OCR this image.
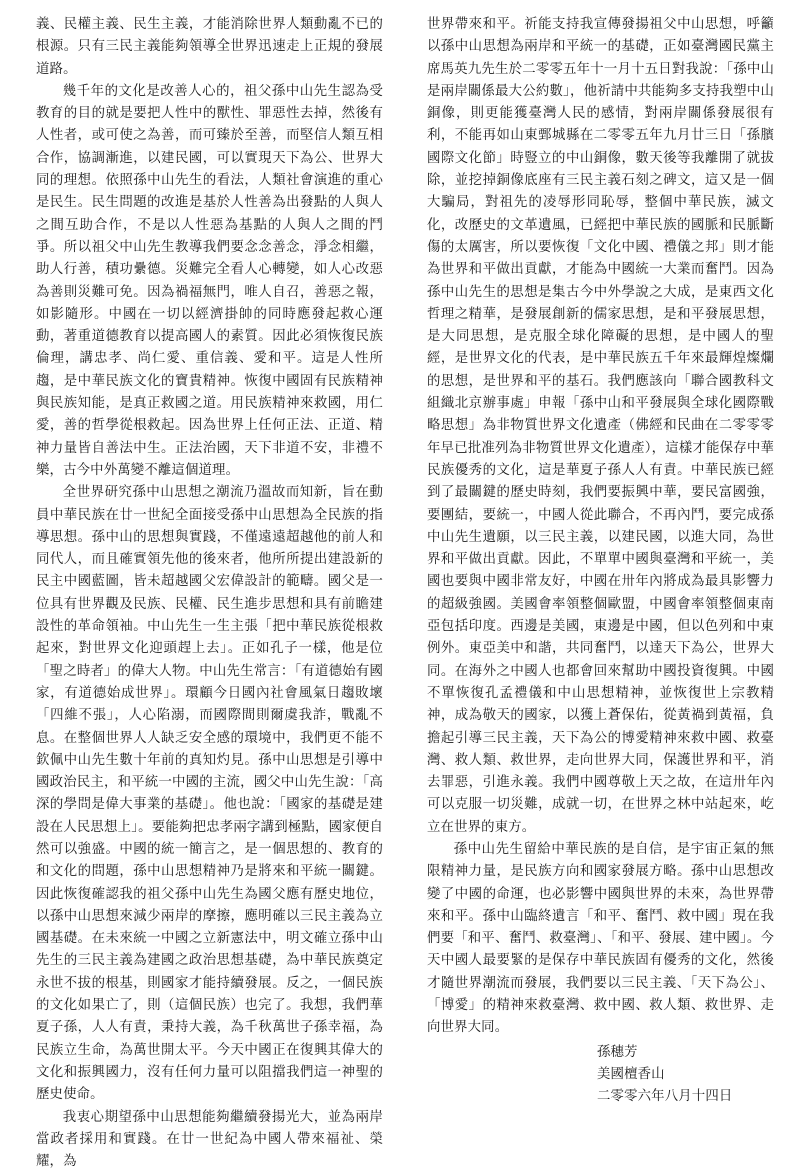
義、民權主義、民生主義，才能消除世界人類動亂不已的根源。只有三民主義能夠領導全世界迅速走上正規的發展道路。

幾千年的文化是改善人心的，祖父孫中山先生認為受教育的目的就是要把人性中的獸性、罪惡性去掉，然後有人性者，或可使之為善，而可臻於至善，而堅信人類互相合作，協調漸進，以建民國，可以實現天下為公、世界大同的理想。依照孫中山先生的看法，人類社會演進的重心是民生。民生問題的改進是基於人性善為出發點的人與人之間互助合作，不是以人性惡為基點的人與人之間的鬥爭。所以祖父中山先生教導我們要念念善念，淨念相繼，助人行善，積功纍德。災難完全看人心轉變，如人心改惡為善則災難可免。因為禍福無門，唯人自召，善惡之報，如影隨形。中國在一切以經濟掛帥的同時應發起救心運動，著重道德教育以提高國人的素質。因此必須恢復民族倫理，講忠孝、尚仁愛、重信義、愛和平。這是人性所趨，是中華民族文化的寶貴精神。恢復中國固有民族精神與民族知能，是真正救國之道。用民族精神來救國，用仁愛，善的哲學從根救起。因為世界上任何正法、正道、精神力量皆自善法中生。正法治國，天下非道不安，非禮不樂，古今中外萬變不離這個道理。

全世界研究孫中山思想之潮流乃溫故而知新，旨在動員中華民族在廿一世紀全面接受孫中山思想為全民族的指導思想。孫中山的思想與實踐，不僅遠遠超越他的前人和同代人，而且確實領先他的後來者，他所所提出建設新的民主中國藍圖，皆未超越國父宏偉設計的範疇。國父是一位具有世界觀及民族、民權、民生進步思想和具有前瞻建設性的革命領袖。中山先生一生主張「把中華民族從根救起來，對世界文化迎頭趕上去」。正如孔子一樣，他是位「聖之時者」的偉大人物。中山先生常言：「有道德始有國家，有道德始成世界」。環顧今日國內社會風氣日趨敗壞「四維不張」，人心陷溺，而國際間則爾虞我詐，戰亂不息。在整個世界人人缺乏安全感的環境中，我們更不能不欽佩中山先生數十年前的真知灼見。孫中山思想是引導中國政治民主，和平統一中國的主流，國父中山先生說：「高深的學問是偉大事業的基礎」。他也說：「國家的基礎是建設在人民思想上」。要能夠把忠孝兩字講到極點，國家便自然可以強盛。中國的統一簡言之，是一個思想的、教育的和文化的問題，孫中山思想精神乃是將來和平統一關鍵。因此恢復確認我的祖父孫中山先生為國父應有歷史地位，以孫中山思想來減少兩岸的摩擦，應明確以三民主義為立國基礎。在未來統一中國之立新憲法中，明文確立孫中山先生的三民主義為建國之政治思想基礎，為中華民族奠定永世不拔的根基，則國家才能持續發展。反之，一個民族的文化如果亡了，則（這個民族）也完了。我想，我們華夏子孫，人人有責，秉持大義，為千秋萬世子孫幸福，為民族立生命，為萬世開太平。今天中國正在復興其偉大的文化和振興國力，沒有任何力量可以阻擋我們這一神聖的歷史使命。

我衷心期望孫中山思想能夠繼續發揚光大，並為兩岸當政者採用和實踐。在廿一世紀為中國人帶來福祉、榮耀，為

世界帶來和平。祈能支持我宣傳發揚祖父中山思想，呼籲以孫中山思想為兩岸和平統一的基礎，正如臺灣國民黨主席馬英九先生於二零零五年十一月十五日對我說：「孫中山是兩岸關係最大公約數」，他祈請中共能夠多支持我塑中山銅像，則更能獲臺灣人民的感情，對兩岸關係發展很有利，不能再如山東鄄城縣在二零零五年九月廿三日「孫臏國際文化節」時豎立的中山銅像，數天後等我離開了就拔除，並挖掉銅像底座有三民主義石刻之碑文，這又是一個大騙局，對祖先的凌辱形同恥辱，整個中華民族，滅文化，改歷史的文革遺風，已經把中華民族的國脈和民脈斷傷的太厲害，所以要恢復「文化中國、禮儀之邦」則才能為世界和平做出貢獻，才能為中國統一大業而奮鬥。因為孫中山先生的思想是集古今中外學說之大成，是東西文化哲理之精華，是發展創新的儒家思想，是和平發展思想，是大同思想，是克服全球化障礙的思想，是中國人的聖經，是世界文化的代表，是中華民族五千年來最輝煌燦爛的思想，是世界和平的基石。我們應該向「聯合國教科文組織北京辦事處」申報「孫中山和平發展與全球化國際戰略思想」為非物質世界文化遺產（佛經和民曲在二零零零年早已批准列為非物質世界文化遺產），這樣才能保存中華民族優秀的文化，這是華夏子孫人人有責。中華民族已經到了最關鍵的歷史時刻，我們要振興中華，要民富國強，要團結，要統一，中國人從此聯合，不再內鬥，要完成孫中山先生遺願，以三民主義，以建民國，以進大同，為世界和平做出貢獻。因此，不單單中國與臺灣和平統一，美國也要與中國非常友好，中國在卅年內將成為最具影響力的超級強國。美國會率領整個歐盟，中國會率領整個東南亞包括印度。西邊是美國，東邊是中國，但以色列和中東例外。東亞美中和諧，共同奮鬥，以達天下為公，世界大同。在海外之中國人也都會回來幫助中國投資復興。中國不單恢復孔孟禮儀和中山思想精神，並恢復世上宗教精神，成為敬天的國家，以獲上蒼保佑，從黃禍到黃福，負擔起引導三民主義，天下為公的博愛精神來救中國、救臺灣、救人類、救世界，走向世界大同，保護世界和平，消去罪惡，引進永義。我們中國尊敬上天之故，在這卅年內可以克服一切災難，成就一切，在世界之林中站起來，屹立在世界的東方。

孫中山先生留給中華民族的是自信，是宇宙正氣的無限精神力量，是民族方向和國家發展方略。孫中山思想改變了中國的命運，也必影響中國與世界的未來，為世界帶來和平。孫中山臨終遺言「和平、奮鬥、救中國」現在我們要「和平、奮鬥、救臺灣」、「和平、發展、建中國」。今天中國人最要緊的是保存中華民族固有優秀的文化，然後才隨世界潮流而發展，我們要以三民主義、「天下為公」、「博愛」的精神來救臺灣、救中國、救人類、救世界、走向世界大同。

孫穗芳
美國檀香山
二零零六年八月十四日
